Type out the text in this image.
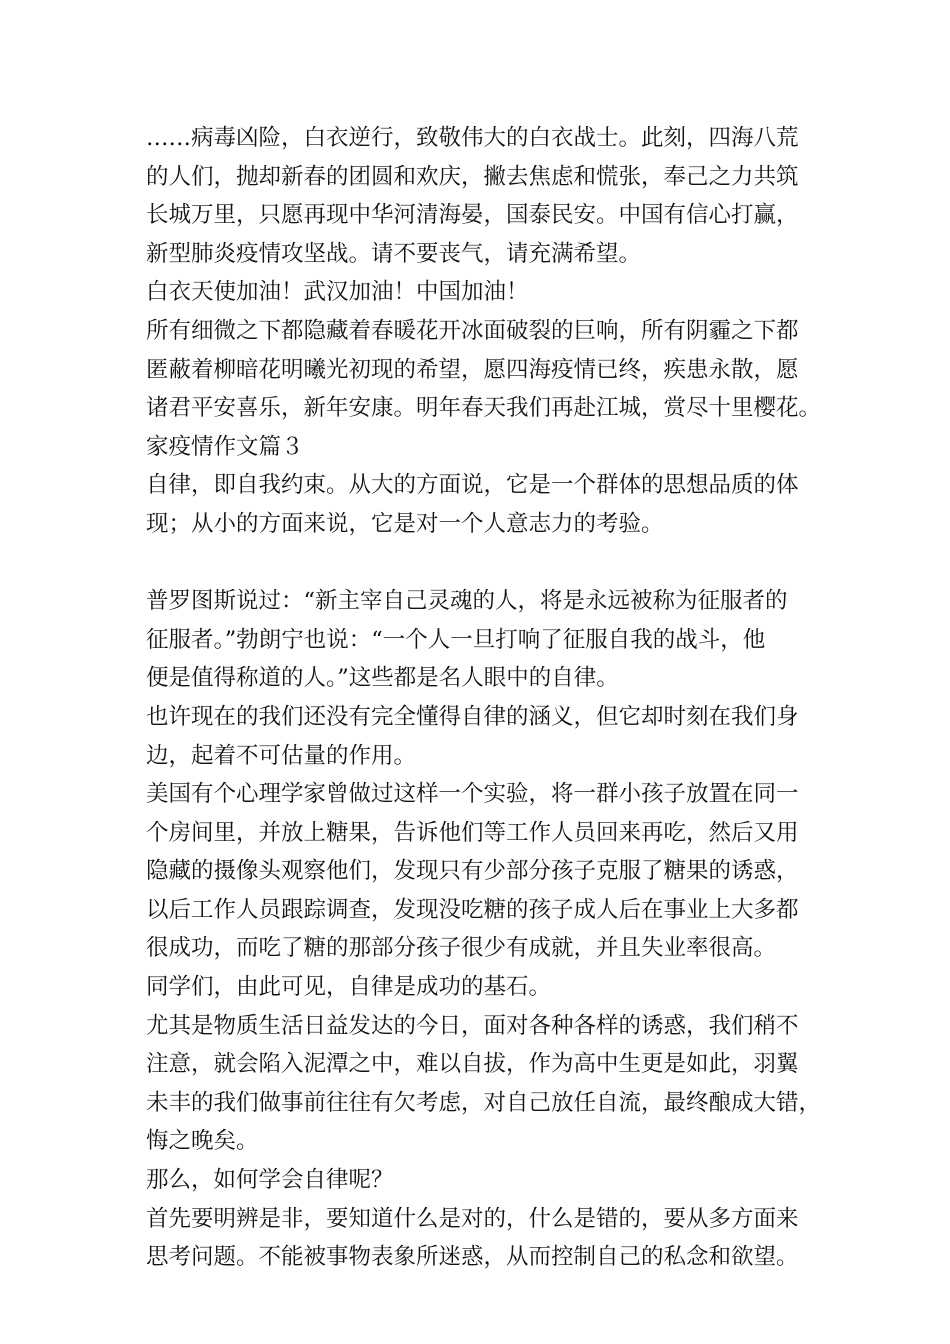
……病毒凶险，白衣逆行，致敬伟大的白衣战士。此刻，四海八荒
的人们，抛却新春的团圆和欢庆，撇去焦虑和慌张，奉己之力共筑
长城万里，只愿再现中华河清海晏，国泰民安。中国有信心打赢，
新型肺炎疫情攻坚战。请不要丧气，请充满希望。
白衣天使加油！武汉加油！中国加油！
所有细微之下都隐藏着春暖花开冰面破裂的巨响，所有阴霾之下都
匿蔽着柳暗花明曦光初现的希望，愿四海疫情已终，疾患永散，愿
诸君平安喜乐，新年安康。明年春天我们再赴江城，赏尽十里樱花。
家疫情作文篇３
自律，即自我约束。从大的方面说，它是一个群体的思想品质的体
现；从小的方面来说，它是对一个人意志力的考验。
普罗图斯说过：“新主宰自己灵魂的人，将是永远被称为征服者的
征服者。”勃朗宁也说：“一个人一旦打响了征服自我的战斗，他
便是值得称道的人。”这些都是名人眼中的自律。
也许现在的我们还没有完全懂得自律的涵义，但它却时刻在我们身
边，起着不可估量的作用。
美国有个心理学家曾做过这样一个实验，将一群小孩子放置在同一
个房间里，并放上糖果，告诉他们等工作人员回来再吃，然后又用
隐藏的摄像头观察他们，发现只有少部分孩子克服了糖果的诱惑，
以后工作人员跟踪调查，发现没吃糖的孩子成人后在事业上大多都
很成功，而吃了糖的那部分孩子很少有成就，并且失业率很高。
同学们，由此可见，自律是成功的基石。
尤其是物质生活日益发达的今日，面对各种各样的诱惑，我们稍不
注意，就会陷入泥潭之中，难以自拔，作为高中生更是如此，羽翼
未丰的我们做事前往往有欠考虑，对自己放任自流，最终酿成大错，
悔之晚矣。
那么，如何学会自律呢？
首先要明辨是非，要知道什么是对的，什么是错的，要从多方面来
思考问题。不能被事物表象所迷惑，从而控制自己的私念和欲望。
